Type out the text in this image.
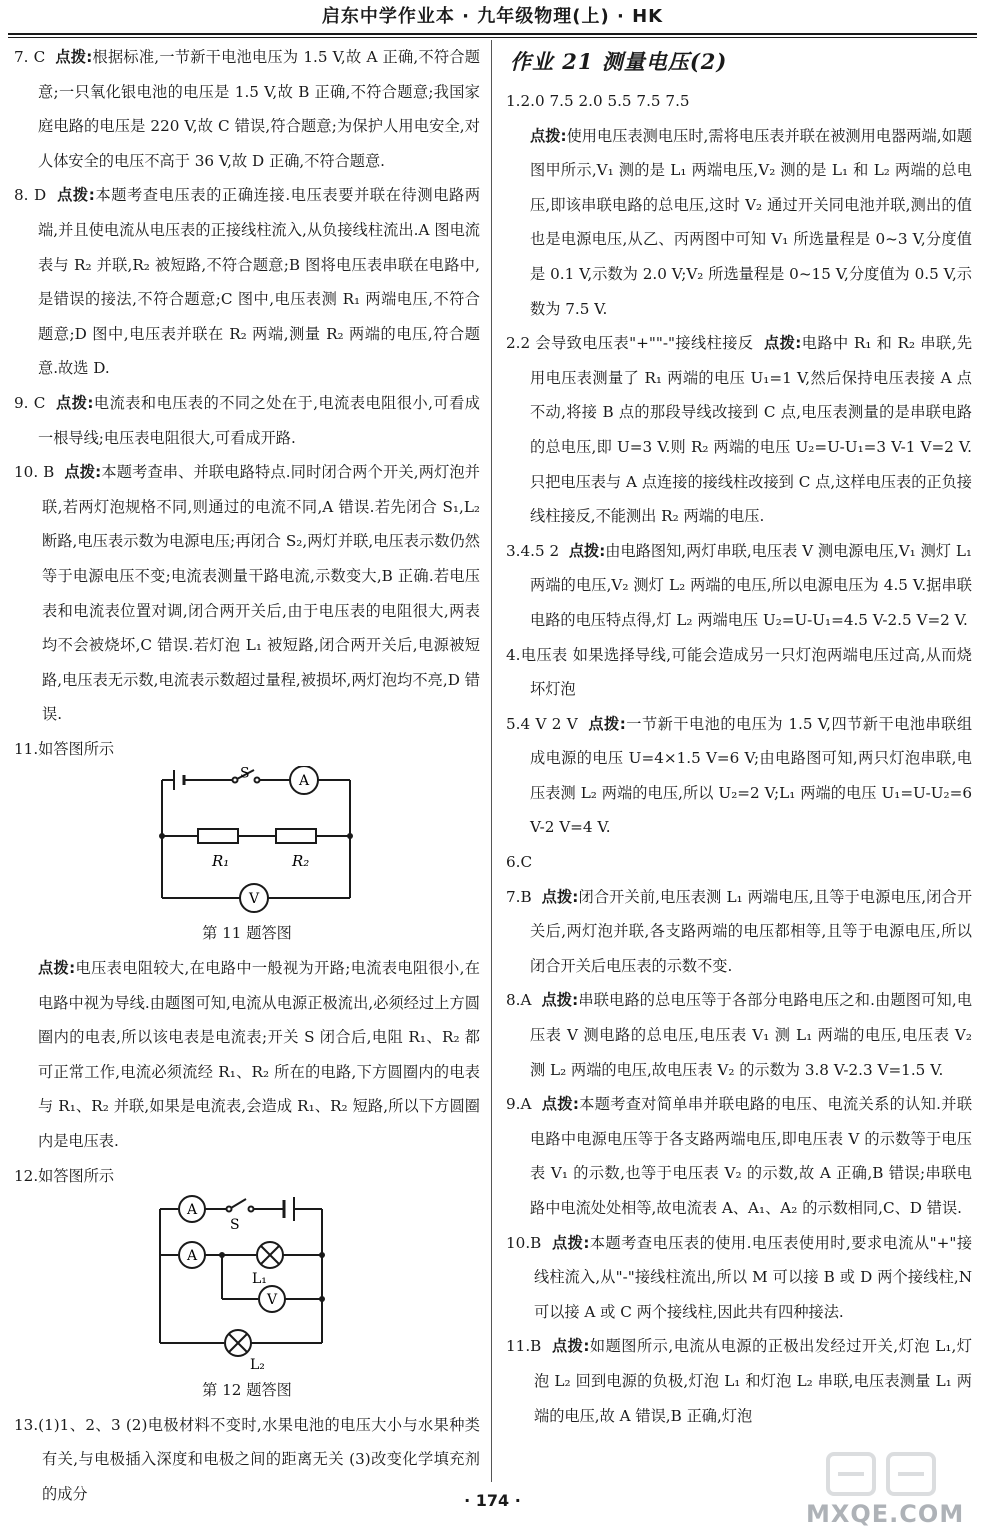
启东中学作业本 · 九年级物理(上) · HK

7. C 点拨:根据标准,一节新干电池电压为 1.5 V,故 A 正确,不符合题意;一只氧化银电池的电压是 1.5 V,故 B 正确,不符合题意;我国家庭电路的电压是 220 V,故 C 错误,符合题意;为保护人用电安全,对人体安全的电压不高于 36 V,故 D 正确,不符合题意.

8. D 点拨:本题考查电压表的正确连接.电压表要并联在待测电路两端,并且使电流从电压表的正接线柱流入,从负接线柱流出.A 图电流表与 R₂ 并联,R₂ 被短路,不符合题意;B 图将电压表串联在电路中,是错误的接法,不符合题意;C 图中,电压表测 R₁ 两端电压,不符合题意;D 图中,电压表并联在 R₂ 两端,测量 R₂ 两端的电压,符合题意.故选 D.

9. C 点拨:电流表和电压表的不同之处在于,电流表电阻很小,可看成一根导线;电压表电阻很大,可看成开路.

10. B 点拨:本题考查串、并联电路特点.同时闭合两个开关,两灯泡并联,若两灯泡规格不同,则通过的电流不同,A 错误.若先闭合 S₁,L₂ 断路,电压表示数为电源电压;再闭合 S₂,两灯并联,电压表示数仍然等于电源电压不变;电流表测量干路电流,示数变大,B 正确.若电压表和电流表位置对调,闭合两开关后,由于电压表的电阻很大,两表均不会被烧坏,C 错误.若灯泡 L₁ 被短路,闭合两开关后,电源被短路,电压表无示数,电流表示数超过量程,被损坏,两灯泡均不亮,D 错误.

11.如答图所示

S	A
V
R₁	R₂

第 11 题答图

点拨:电压表电阻较大,在电路中一般视为开路;电流表电阻很小,在电路中视为导线.由题图可知,电流从电源正极流出,必须经过上方圆圈内的电表,所以该电表是电流表;开关 S 闭合后,电阻 R₁、R₂ 都可正常工作,电流必须流经 R₁、R₂ 所在的电路,下方圆圈内的电表与 R₁、R₂ 并联,如果是电流表,会造成 R₁、R₂ 短路,所以下方圆圈内是电压表.

12.如答图所示

A
A
V
S
L₁
L₂

第 12 题答图

13.(1)1、2、3 (2)电极材料不变时,水果电池的电压大小与水果种类有关,与电极插入深度和电极之间的距离无关 (3)改变化学填充剂的成分

作业 21 测量电压(2)

1.2.0 7.5 2.0 5.5 7.5 7.5
点拨:使用电压表测电压时,需将电压表并联在被测用电器两端,如题图甲所示,V₁ 测的是 L₁ 两端电压,V₂ 测的是 L₁ 和 L₂ 两端的总电压,即该串联电路的总电压,这时 V₂ 通过开关同电池并联,测出的值也是电源电压,从乙、丙两图中可知 V₁ 所选量程是 0~3 V,分度值是 0.1 V,示数为 2.0 V;V₂ 所选量程是 0~15 V,分度值为 0.5 V,示数为 7.5 V.

2.2 会导致电压表"+""-"接线柱接反 点拨:电路中 R₁ 和 R₂ 串联,先用电压表测量了 R₁ 两端的电压 U₁=1 V,然后保持电压表接 A 点不动,将接 B 点的那段导线改接到 C 点,电压表测量的是串联电路的总电压,即 U=3 V.则 R₂ 两端的电压 U₂=U-U₁=3 V-1 V=2 V.只把电压表与 A 点连接的接线柱改接到 C 点,这样电压表的正负接线柱接反,不能测出 R₂ 两端的电压.

3.4.5 2 点拨:由电路图知,两灯串联,电压表 V 测电源电压,V₁ 测灯 L₁ 两端的电压,V₂ 测灯 L₂ 两端的电压,所以电源电压为 4.5 V.据串联电路的电压特点得,灯 L₂ 两端电压 U₂=U-U₁=4.5 V-2.5 V=2 V.

4.电压表 如果选择导线,可能会造成另一只灯泡两端电压过高,从而烧坏灯泡

5.4 V 2 V 点拨:一节新干电池的电压为 1.5 V,四节新干电池串联组成电源的电压 U=4×1.5 V=6 V;由电路图可知,两只灯泡串联,电压表测 L₂ 两端的电压,所以 U₂=2 V;L₁ 两端的电压 U₁=U-U₂=6 V-2 V=4 V.

6.C

7.B 点拨:闭合开关前,电压表测 L₁ 两端电压,且等于电源电压,闭合开关后,两灯泡并联,各支路两端的电压都相等,且等于电源电压,所以闭合开关后电压表的示数不变.

8.A 点拨:串联电路的总电压等于各部分电路电压之和.由题图可知,电压表 V 测电路的总电压,电压表 V₁ 测 L₁ 两端的电压,电压表 V₂ 测 L₂ 两端的电压,故电压表 V₂ 的示数为 3.8 V-2.3 V=1.5 V.

9.A 点拨:本题考查对简单串并联电路的电压、电流关系的认知.并联电路中电源电压等于各支路两端电压,即电压表 V 的示数等于电压表 V₁ 的示数,也等于电压表 V₂ 的示数,故 A 正确,B 错误;串联电路中电流处处相等,故电流表 A、A₁、A₂ 的示数相同,C、D 错误.

10.B 点拨:本题考查电压表的使用.电压表使用时,要求电流从"+"接线柱流入,从"-"接线柱流出,所以 M 可以接 B 或 D 两个接线柱,N 可以接 A 或 C 两个接线柱,因此共有四种接法.

11.B 点拨:如题图所示,电流从电源的正极出发经过开关,灯泡 L₁,灯泡 L₂ 回到电源的负极,灯泡 L₁ 和灯泡 L₂ 串联,电压表测量 L₁ 两端的电压,故 A 错误,B 正确,灯泡

· 174 ·	MXQE.COM
